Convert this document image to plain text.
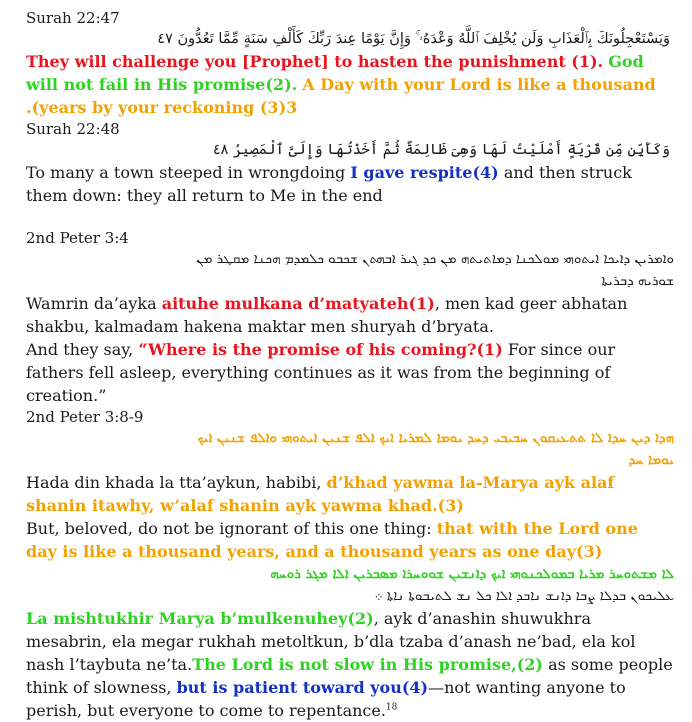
Surah 22:47

وَيَسْتَعْجِلُونَكَ بِٱلْعَذَابِ وَلَن يُخْلِفَ ٱللَّهُ وَعْدَهُۥ ۚ وَإِنَّ يَوْمًا عِندَ رَبِّكَ كَأَلْفِ سَنَةٍ مِّمَّا تَعُدُّونَ ٤٧

They will challenge you [Prophet] to hasten the punishment (1). God will not fail in His promise(2). A Day with your Lord is like a thousand

.(years by your reckoning (3)3

Surah 22:48

وَكَأَيِّن مِّن قَرْيَةٍ أَمْلَيْتُ لَهَا وَهِىَ ظَالِمَةٌ ثُمَّ أَخَذْتُهَا وَإِلَىَّ ٱلْمَصِيرُ ٤٨

To many a town steeped in wrongdoing I gave respite(4) and then struck them down: they all return to Me in the end

2nd Peter 3:4

ܘܐܡܪܝܢ ܕܐܝܟܐ ܐܝܬܘܗܝ ܡܘܠܟܢܐ ܕܡܐܬܝܬܗ ܡܢ ܟܕ ܓܝܪ ܐܒܗܬܢ ܫܟܒܘ ܟܠܡܕܡ ܗܟܢܐ ܡܩܛܪ ܡܢ
ܫܘܪܝܗ ܕܒܪܝܬܐ

Wamrin da’ayka aituhe mulkana d’matyateh(1), men kad geer abhatan shakbu, kalmadam hakena maktar men shuryah d’bryata.

And they say, “Where is the promise of his coming?(1) For since our fathers fell asleep, everything continues as it was from the beginning of creation.”

2nd Peter 3:8-9

ܗܕܐ ܕܝܢ ܚܕܐ ܠܐ ܬܬܥܝܩܘܢ ܚܒܝܒܝ ܕܚܕ ܝܘܡܐ ܠܡܪܝܐ ܐܝܟ ܐܠܦ ܫܢܝܢ ܐܝܬܘܗܝ ܘܐܠܦ ܫܢܝܢ ܐܝܟ
ܝܘܡܐ ܚܕ

Hada din khada la tta’aykun, habibi, d’khad yawma la-Marya ayk alaf shanin itawhy, w’alaf shanin ayk yawma khad.(3)

But, beloved, do not be ignorant of this one thing: that with the Lord one day is like a thousand years, and a thousand years as one day(3)

ܠܐ ܡܫܬܘܚܪ ܡܪܝܐ ܒܡܘܠܟܢܘܗܝ ܐܝܟ ܕܐܢܫܝܢ ܫܘܘܚܪܐ ܡܣܒܪܝܢ ܐܠܐ ܡܓܪ ܪܘܚܗ
ܥܠܝܟܘܢ ܒܕܠܐ ܨܒܐ ܕܐܢܫ ܢܐܒܕ ܐܠܐ ܟܠ ܢܫ ܠܬܝܒܘܬܐ ܢܐܬܐ ܀

La mishtukhir Marya b’mulkenuhey(2), ayk d’anashin shuwukhra mesabrin, ela megar rukhah metoltkun, b’dla tzaba d’anash ne’bad, ela kol nash l’taybuta ne’ta.The Lord is not slow in His promise,(2) as some people think of slowness, but is patient toward you(4)—not wanting anyone to perish, but everyone to come to repentance.$^{18}$
